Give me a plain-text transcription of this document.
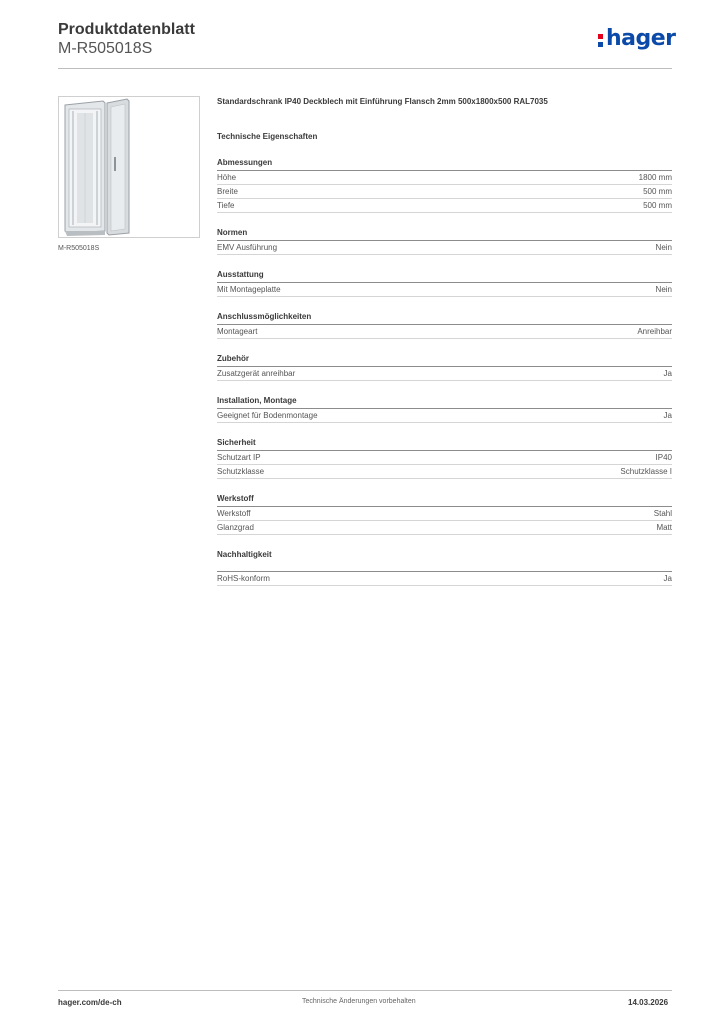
Produktdatenblatt
M-R505018S	hager
M-R505018S
Standardschrank IP40 Deckblech mit Einführung Flansch 2mm 500x1800x500 RAL7035
Technische Eigenschaften
Abmessungen
Höhe	1800 mm
Breite	500 mm
Tiefe	500 mm
Normen
EMV Ausführung	Nein
Ausstattung
Mit Montageplatte	Nein
Anschlussmöglichkeiten
Montageart	Anreihbar
Zubehör
Zusatzgerät anreihbar	Ja
Installation, Montage
Geeignet für Bodenmontage	Ja
Sicherheit
Schutzart IP	IP40
Schutzklasse	Schutzklasse I
Werkstoff
Werkstoff	Stahl
Glanzgrad	Matt
Nachhaltigkeit
RoHS-konform	Ja
hager.com/de-ch	Technische Änderungen vorbehalten	14.03.2026
